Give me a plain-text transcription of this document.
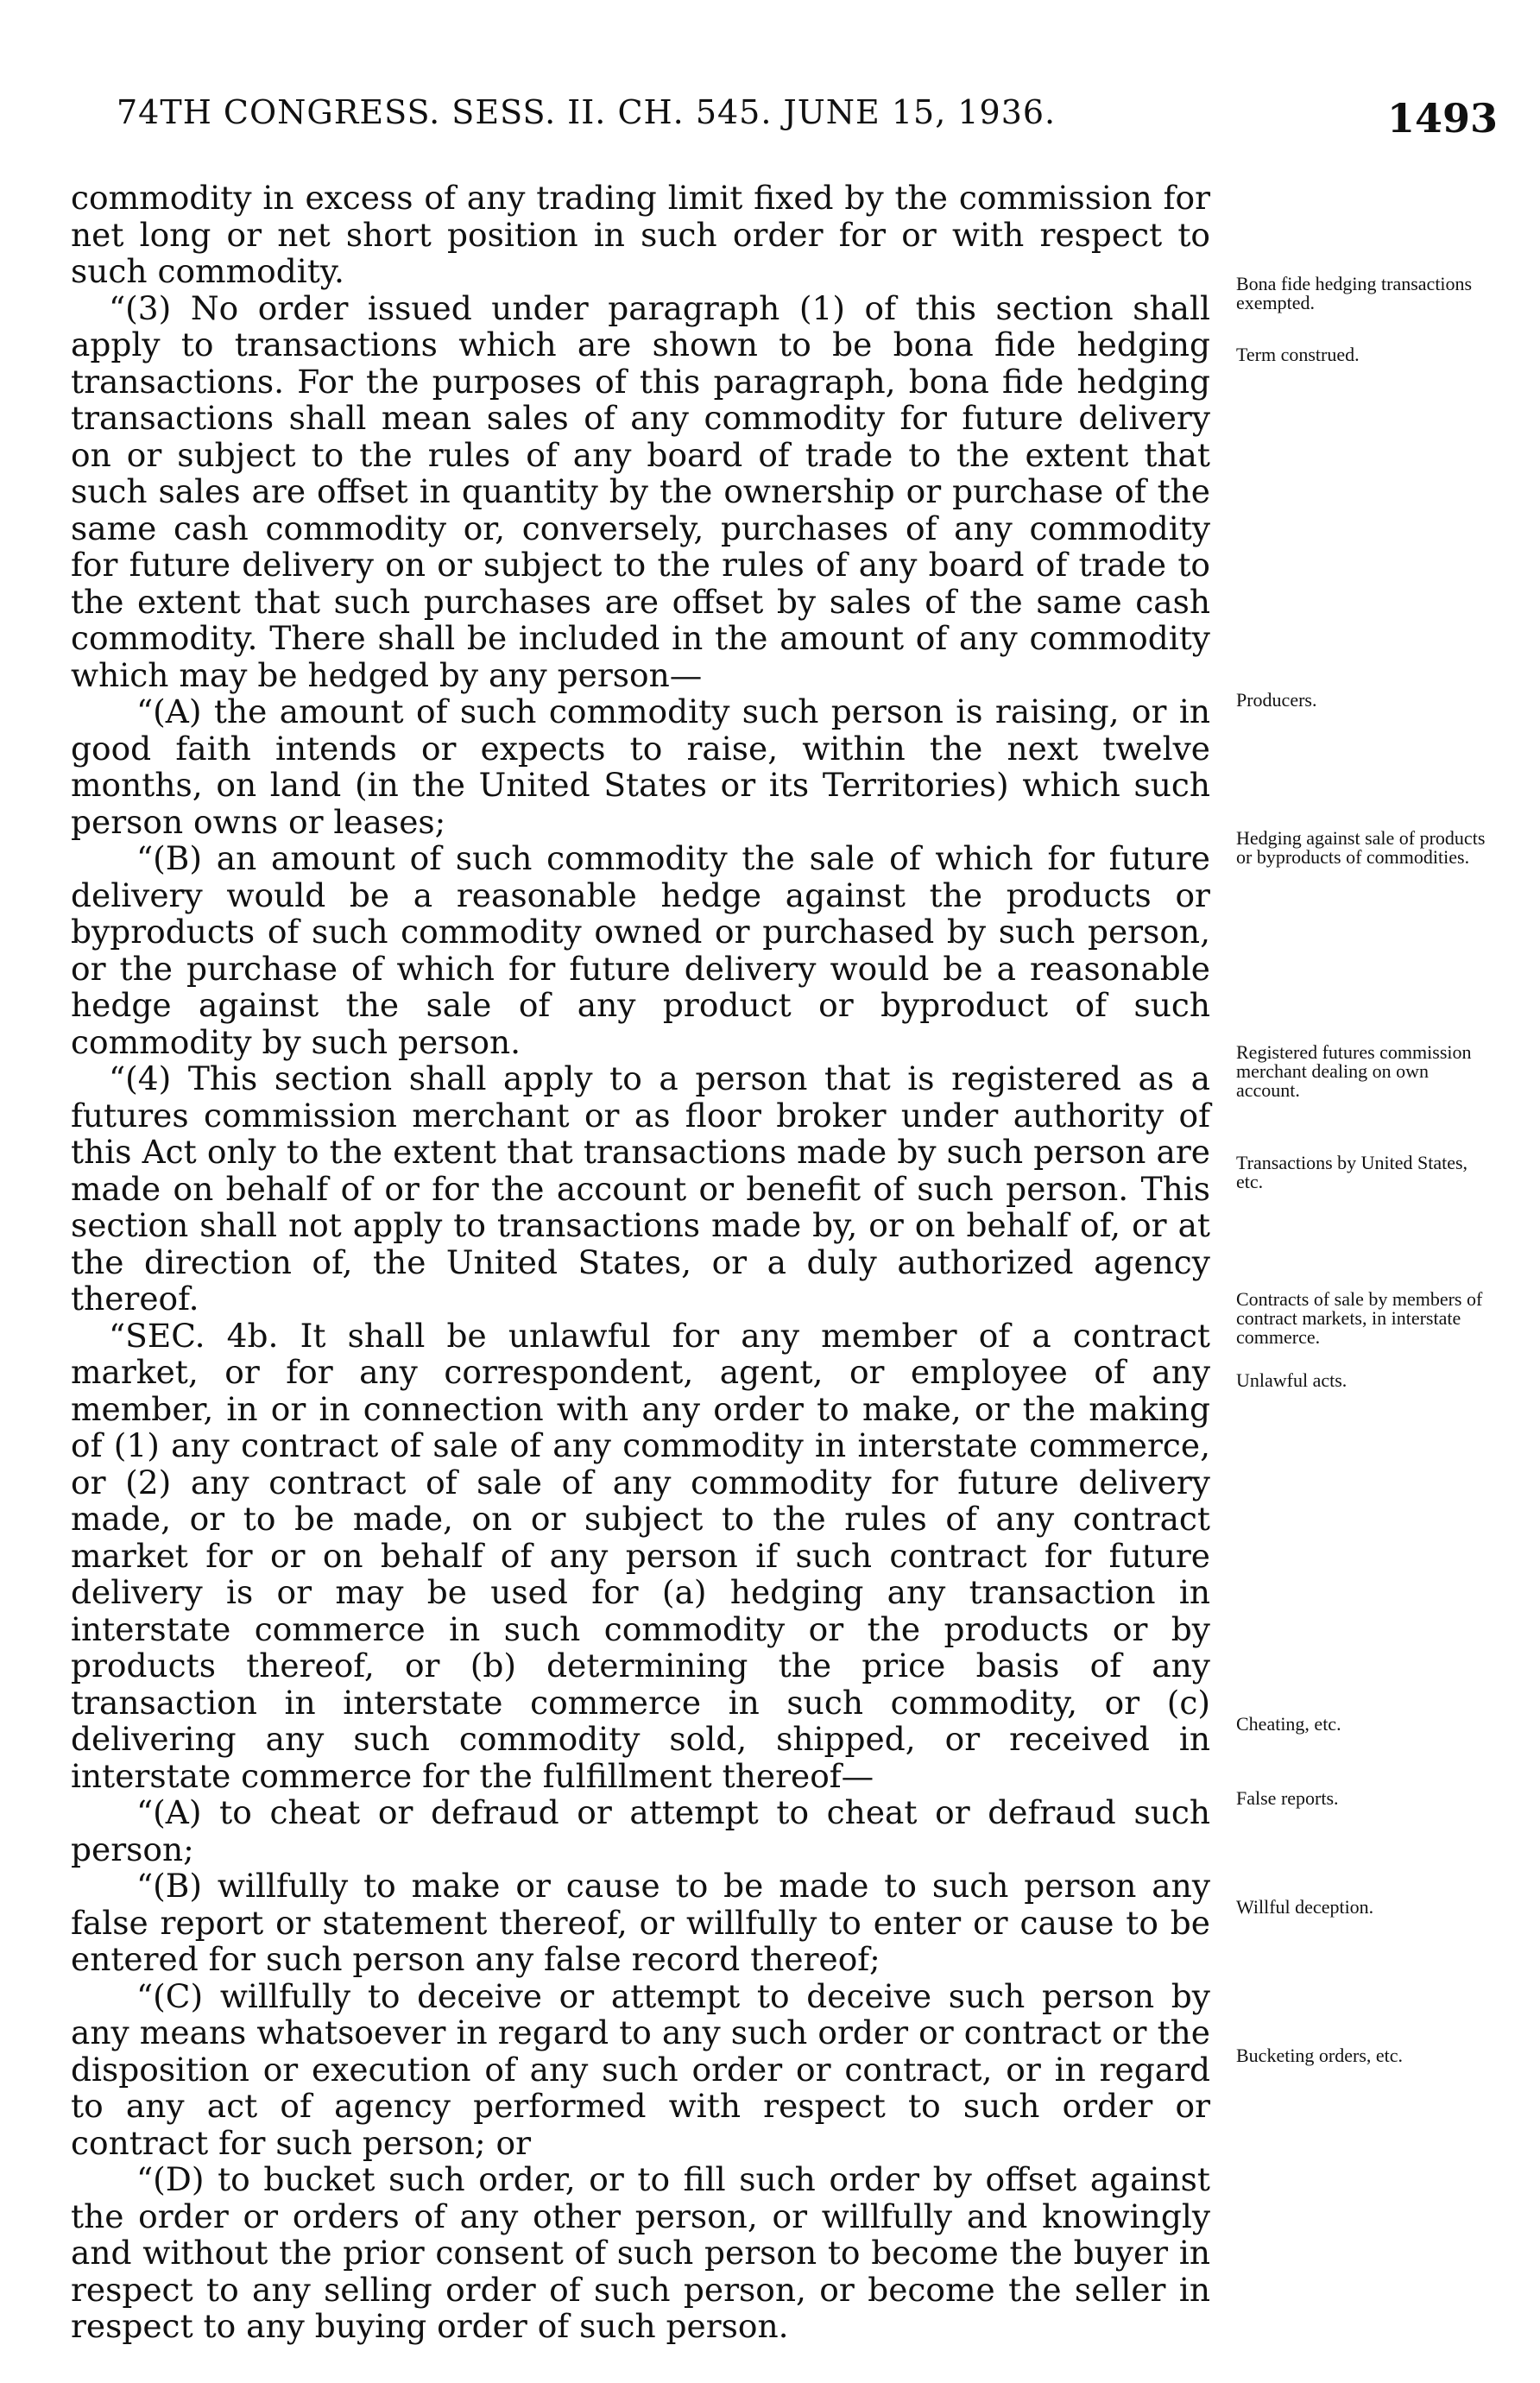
74TH CONGRESS. SESS. II. CH. 545. JUNE 15, 1936.	1493

commodity in excess of any trading limit fixed by the commission for net long or net short position in such order for or with respect to such commodity.

“(3) No order issued under paragraph (1) of this section shall apply to transactions which are shown to be bona fide hedging transactions. For the purposes of this paragraph, bona fide hedging transactions shall mean sales of any commodity for future delivery on or subject to the rules of any board of trade to the extent that such sales are offset in quantity by the ownership or purchase of the same cash commodity or, conversely, purchases of any commodity for future delivery on or subject to the rules of any board of trade to the extent that such purchases are offset by sales of the same cash commodity. There shall be included in the amount of any commodity which may be hedged by any person—

“(A) the amount of such commodity such person is raising, or in good faith intends or expects to raise, within the next twelve months, on land (in the United States or its Territories) which such person owns or leases;

“(B) an amount of such commodity the sale of which for future delivery would be a reasonable hedge against the products or byproducts of such commodity owned or purchased by such person, or the purchase of which for future delivery would be a reasonable hedge against the sale of any product or byproduct of such commodity by such person.

“(4) This section shall apply to a person that is registered as a futures commission merchant or as floor broker under authority of this Act only to the extent that transactions made by such person are made on behalf of or for the account or benefit of such person. This section shall not apply to transactions made by, or on behalf of, or at the direction of, the United States, or a duly authorized agency thereof.

“SEC. 4b. It shall be unlawful for any member of a contract market, or for any correspondent, agent, or employee of any member, in or in connection with any order to make, or the making of (1) any contract of sale of any commodity in interstate commerce, or (2) any contract of sale of any commodity for future delivery made, or to be made, on or subject to the rules of any contract market for or on behalf of any person if such contract for future delivery is or may be used for (a) hedging any transaction in interstate commerce in such commodity or the products or by products thereof, or (b) determining the price basis of any transaction in interstate commerce in such commodity, or (c) delivering any such commodity sold, shipped, or received in interstate commerce for the fulfillment thereof—

“(A) to cheat or defraud or attempt to cheat or defraud such person;

“(B) willfully to make or cause to be made to such person any false report or statement thereof, or willfully to enter or cause to be entered for such person any false record thereof;

“(C) willfully to deceive or attempt to deceive such person by any means whatsoever in regard to any such order or contract or the disposition or execution of any such order or contract, or in regard to any act of agency performed with respect to such order or contract for such person; or

“(D) to bucket such order, or to fill such order by offset against the order or orders of any other person, or willfully and knowingly and without the prior consent of such person to become the buyer in respect to any selling order of such person, or become the seller in respect to any buying order of such person.

Bona fide hedging transactions exempted.
Term construed.
Producers.
Hedging against sale of products or byproducts of commodities.
Registered futures commission merchant dealing on own account.
Transactions by United States, etc.
Contracts of sale by members of contract markets, in interstate commerce.
Unlawful acts.
Cheating, etc.
False reports.
Willful deception.
Bucketing orders, etc.
